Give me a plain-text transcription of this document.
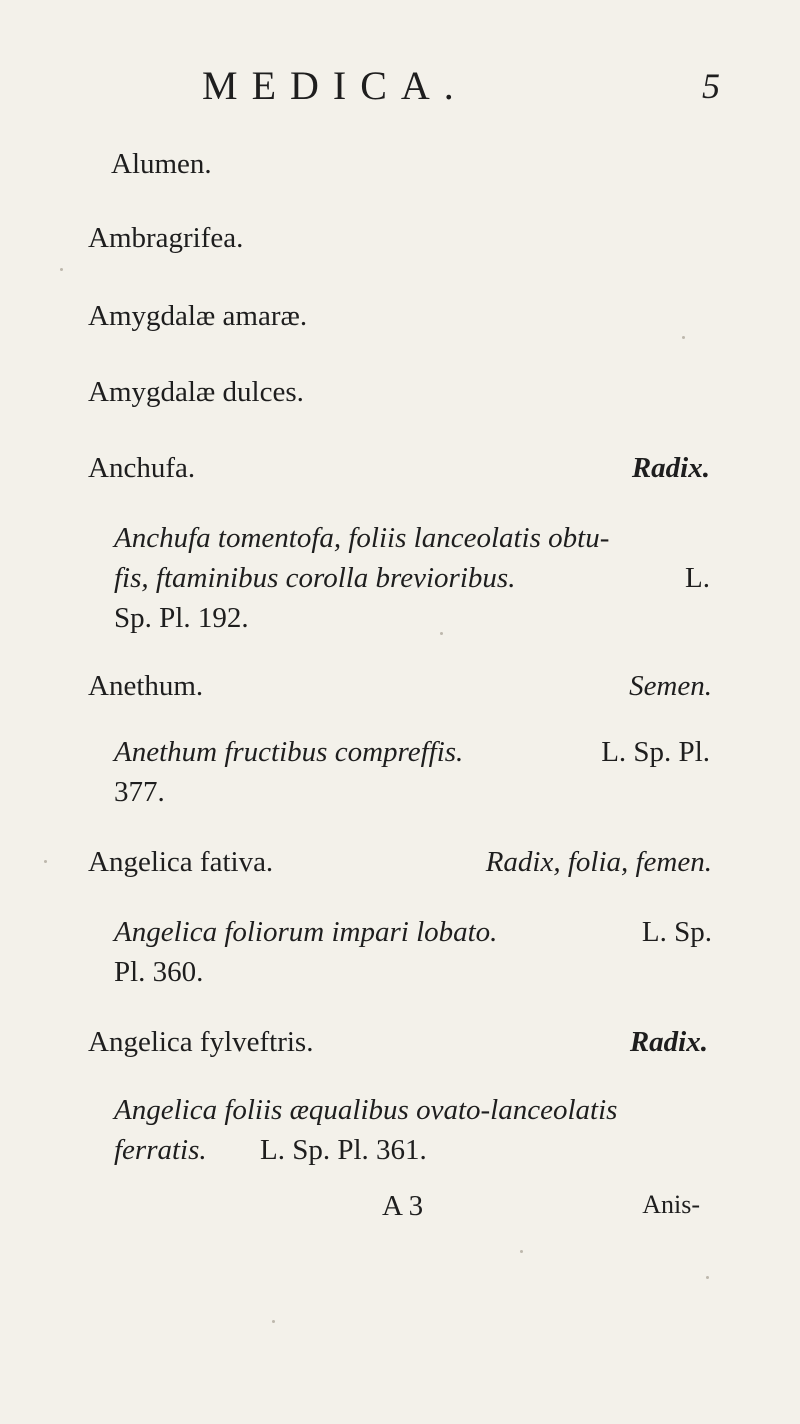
MEDICA.	5
Alumen.
Ambragrifea.
Amygdalæ amaræ.
Amygdalæ dulces.
Anchufa.	Radix.
Anchufa tomentofa, foliis lanceolatis obtu-
fis, ftaminibus corolla brevioribus.	L.
Sp. Pl. 192.
Anethum.	Semen.
Anethum fructibus compreffis.	L. Sp. Pl.
377.
Angelica fativa.	Radix, folia, femen.
Angelica foliorum impari lobato.	L. Sp.
Pl. 360.
Angelica fylveftris.	Radix.
Angelica foliis æqualibus ovato-lanceolatis
ferratis. L. Sp. Pl. 361.
A 3	Anis-
